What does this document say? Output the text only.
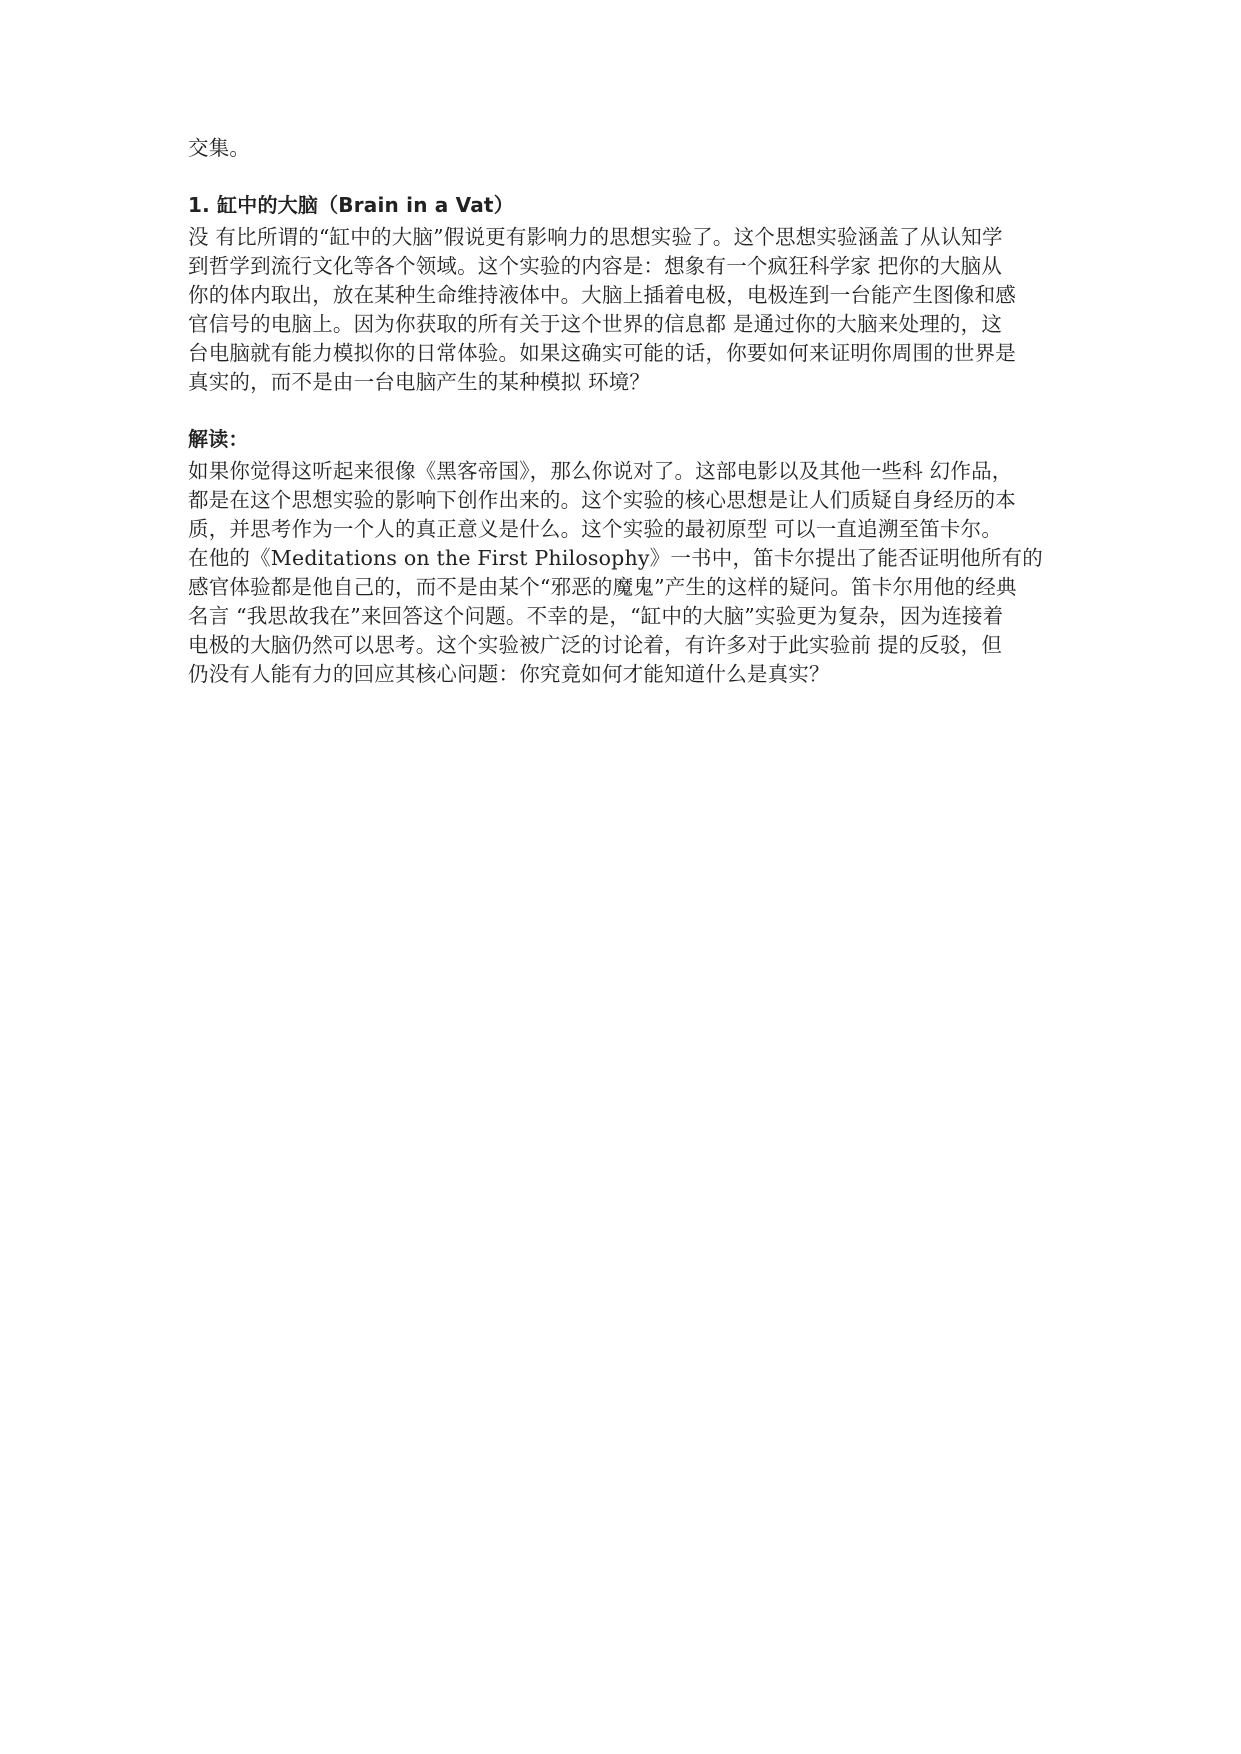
交集。
1. 缸中的大脑（Brain in a Vat）
没 有比所谓的“缸中的大脑”假说更有影响力的思想实验了。这个思想实验涵盖了从认知学
到哲学到流行文化等各个领域。这个实验的内容是：想象有一个疯狂科学家 把你的大脑从
你的体内取出，放在某种生命维持液体中。大脑上插着电极，电极连到一台能产生图像和感
官信号的电脑上。因为你获取的所有关于这个世界的信息都 是通过你的大脑来处理的，这
台电脑就有能力模拟你的日常体验。如果这确实可能的话，你要如何来证明你周围的世界是
真实的，而不是由一台电脑产生的某种模拟 环境？
解读：
如果你觉得这听起来很像《黑客帝国》，那么你说对了。这部电影以及其他一些科 幻作品，
都是在这个思想实验的影响下创作出来的。这个实验的核心思想是让人们质疑自身经历的本
质，并思考作为一个人的真正意义是什么。这个实验的最初原型 可以一直追溯至笛卡尔。
在他的《Meditations on the First Philosophy》一书中，笛卡尔提出了能否证明他所有的
感官体验都是他自己的，而不是由某个“邪恶的魔鬼”产生的这样的疑问。笛卡尔用他的经典
名言 “我思故我在”来回答这个问题。不幸的是，“缸中的大脑”实验更为复杂，因为连接着
电极的大脑仍然可以思考。这个实验被广泛的讨论着，有许多对于此实验前 提的反驳，但
仍没有人能有力的回应其核心问题：你究竟如何才能知道什么是真实？
